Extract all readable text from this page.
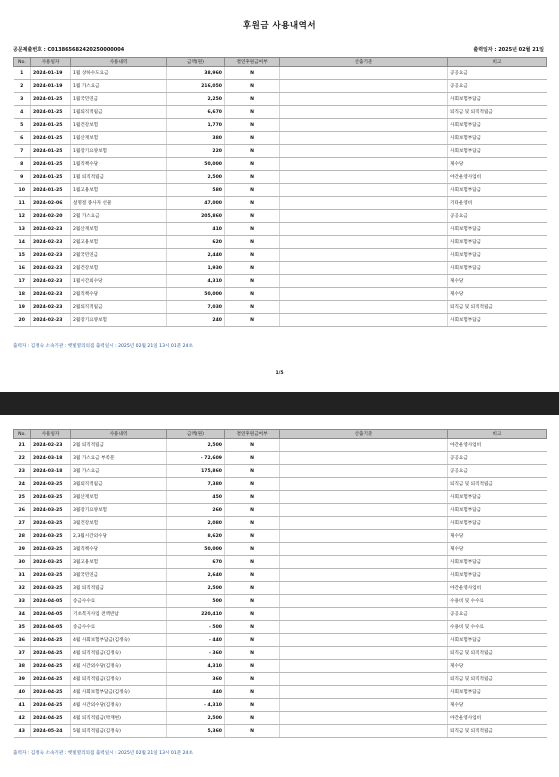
후원금 사용내역서
공문제출번호 : C013865682420250000004	출력일자 : 2025년 02월 21일
No.	사용일자	사용내역	금액(원)	결연후원금여부	산출기준	비고
1	2024-01-19	1월 상하수도요금	38,960	N		공공요금
2	2024-01-19	1월 가스요금	216,050	N		공공요금
3	2024-01-25	1월국민연금	2,250	N		사회보험부담금
4	2024-01-25	1월퇴직적립금	6,670	N		퇴직금 및 퇴직적립금
5	2024-01-25	1월건강보험	1,770	N		사회보험부담금
6	2024-01-25	1월산재보험	380	N		사회보험부담금
7	2024-01-25	1월장기요양보험	220	N		사회보험부담금
8	2024-01-25	1월직책수당	50,000	N		제수당
9	2024-01-25	1월 퇴직적립금	2,500	N		야간운영사업비
10	2024-01-25	1월고용보험	580	N		사회보험부담금
11	2024-02-06	설명절 종사자 선물	47,000	N		기타운영비
12	2024-02-20	2월 가스요금	205,860	N		공공요금
13	2024-02-23	2월산재보험	410	N		사회보험부담금
14	2024-02-23	2월고용보험	620	N		사회보험부담금
15	2024-02-23	2월국민연금	2,440	N		사회보험부담금
16	2024-02-23	2월건강보험	1,930	N		사회보험부담금
17	2024-02-23	1월시간외수당	4,310	N		제수당
18	2024-02-23	2월직책수당	50,000	N		제수당
19	2024-02-23	2월퇴직적립금	7,030	N		퇴직금 및 퇴직적립금
20	2024-02-23	2월장기요양보험	240	N		사회보험부담금
출력자 : 김정숙 소속기관 : 햇빛열리의집 출력일시 : 2025년 02월 21일 13시 01분 24초
1/5
No.	사용일자	사용내역	금액(원)	결연후원금여부	산출기준	비고
21	2024-02-23	2월 퇴직적립금	2,500	N		야간운영사업비
22	2024-03-18	3월 가스요금 부족분	- 72,609	N		공공요금
23	2024-03-18	3월 가스요금	175,860	N		공공요금
24	2024-03-25	3월퇴직적립금	7,380	N		퇴직금 및 퇴직적립금
25	2024-03-25	3월산재보험	450	N		사회보험부담금
26	2024-03-25	3월장기요양보험	260	N		사회보험부담금
27	2024-03-25	3월건강보험	2,080	N		사회보험부담금
28	2024-03-25	2,3월시간외수당	8,620	N		제수당
29	2024-03-25	3월직책수당	50,000	N		제수당
30	2024-03-25	3월고용보험	670	N		사회보험부담금
31	2024-03-25	3월국민연금	2,640	N		사회보험부담금
32	2024-03-25	3월 퇴직적립금	2,500	N		야간운영사업비
33	2024-04-05	송금수수료	500	N		수용비 및 수수료
34	2024-04-05	기초복지사업 전액반납	220,410	N		공공요금
35	2024-04-05	송금수수료	- 500	N		수용비 및 수수료
36	2024-04-25	4월 사회보험부담금(김정숙)	- 440	N		사회보험부담금
37	2024-04-25	4월 퇴직적립금(김정숙)	- 360	N		퇴직금 및 퇴직적립금
38	2024-04-25	4월 시간외수당(김정숙)	4,310	N		제수당
39	2024-04-25	4월 퇴직적립금(김정숙)	360	N		퇴직금 및 퇴직적립금
40	2024-04-25	4월 사회보험부담금(김정숙)	440	N		사회보험부담금
41	2024-04-25	4월 시간외수당(김정숙)	- 4,310	N		제수당
42	2024-04-25	4월 퇴직적립금(박재현)	2,500	N		야간운영사업비
43	2024-05-24	5월 퇴직적립금(김정숙)	5,360	N		퇴직금 및 퇴직적립금
출력자 : 김정숙 소속기관 : 햇빛열리의집 출력일시 : 2025년 02월 21일 13시 01분 24초
